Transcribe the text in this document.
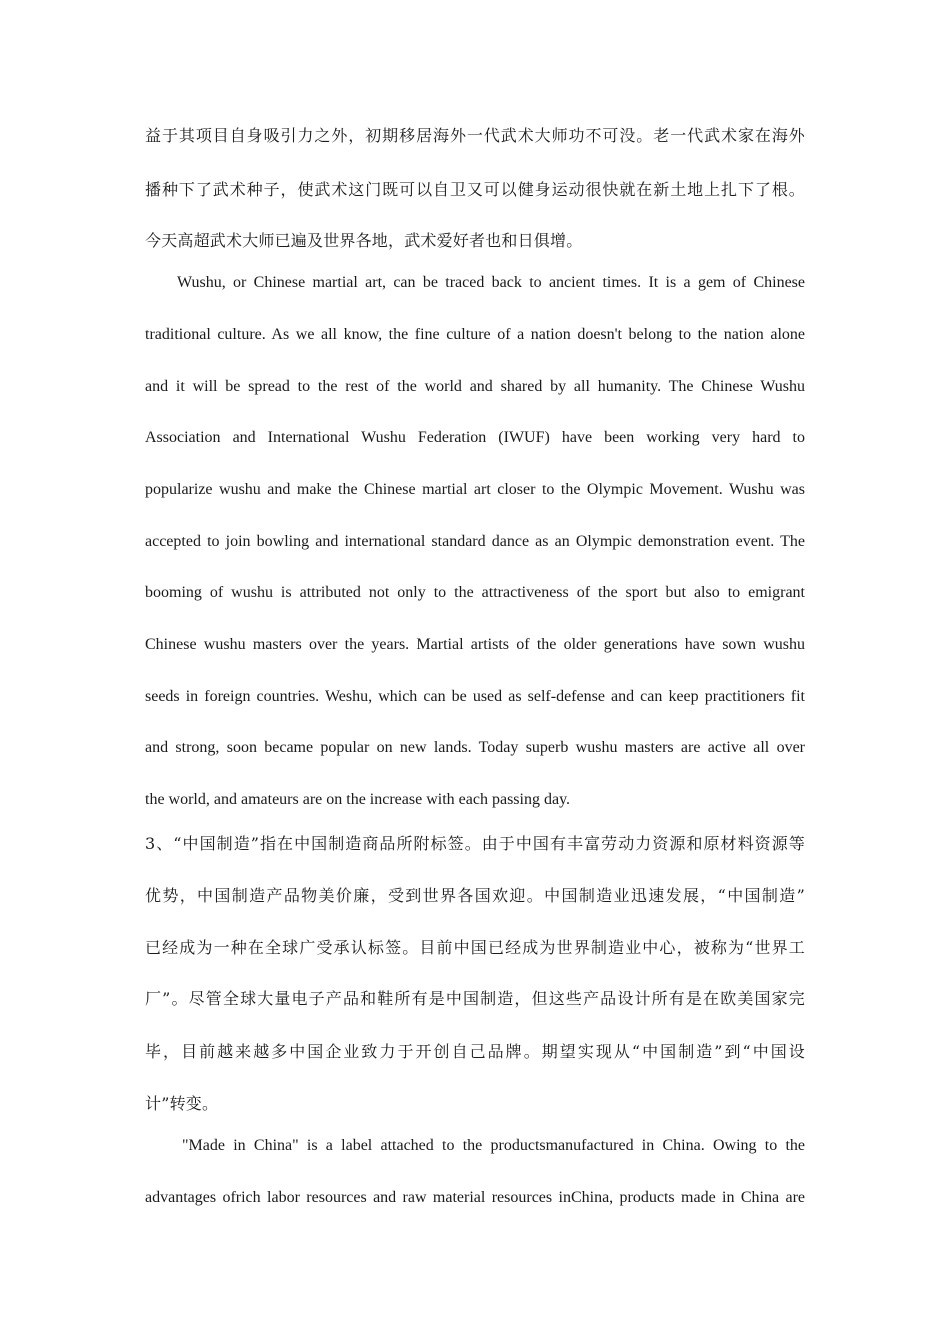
益于其项目自身吸引力之外，初期移居海外一代武术大师功不可没。老一代武术家在海外
播种下了武术种子，使武术这门既可以自卫又可以健身运动很快就在新土地上扎下了根。
今天高超武术大师已遍及世界各地，武术爱好者也和日俱增。
Wushu, or Chinese martial art, can be traced back to ancient times. It is a gem of Chinese
traditional culture. As we all know, the fine culture of a nation doesn't belong to the nation alone
and it will be spread to the rest of the world and shared by all humanity. The Chinese Wushu
Association and International Wushu Federation (IWUF) have been working very hard to
popularize wushu and make the Chinese martial art closer to the Olympic Movement. Wushu was
accepted to join bowling and international standard dance as an Olympic demonstration event. The
booming of wushu is attributed not only to the attractiveness of the sport but also to emigrant
Chinese wushu masters over the years. Martial artists of the older generations have sown wushu
seeds in foreign countries. Weshu, which can be used as self-defense and can keep practitioners fit
and strong, soon became popular on new lands. Today superb wushu masters are active all over
the world, and amateurs are on the increase with each passing day.
3、“中国制造”指在中国制造商品所附标签。由于中国有丰富劳动力资源和原材料资源等
优势，中国制造产品物美价廉，受到世界各国欢迎。中国制造业迅速发展，“中国制造”
已经成为一种在全球广受承认标签。目前中国已经成为世界制造业中心，被称为“世界工
厂”。尽管全球大量电子产品和鞋所有是中国制造，但这些产品设计所有是在欧美国家完
毕，目前越来越多中国企业致力于开创自己品牌。期望实现从“中国制造”到“中国设
计”转变。
"Made in China" is a label attached to the productsmanufactured in China. Owing to the
advantages ofrich labor resources and raw material resources inChina, products made in China are
